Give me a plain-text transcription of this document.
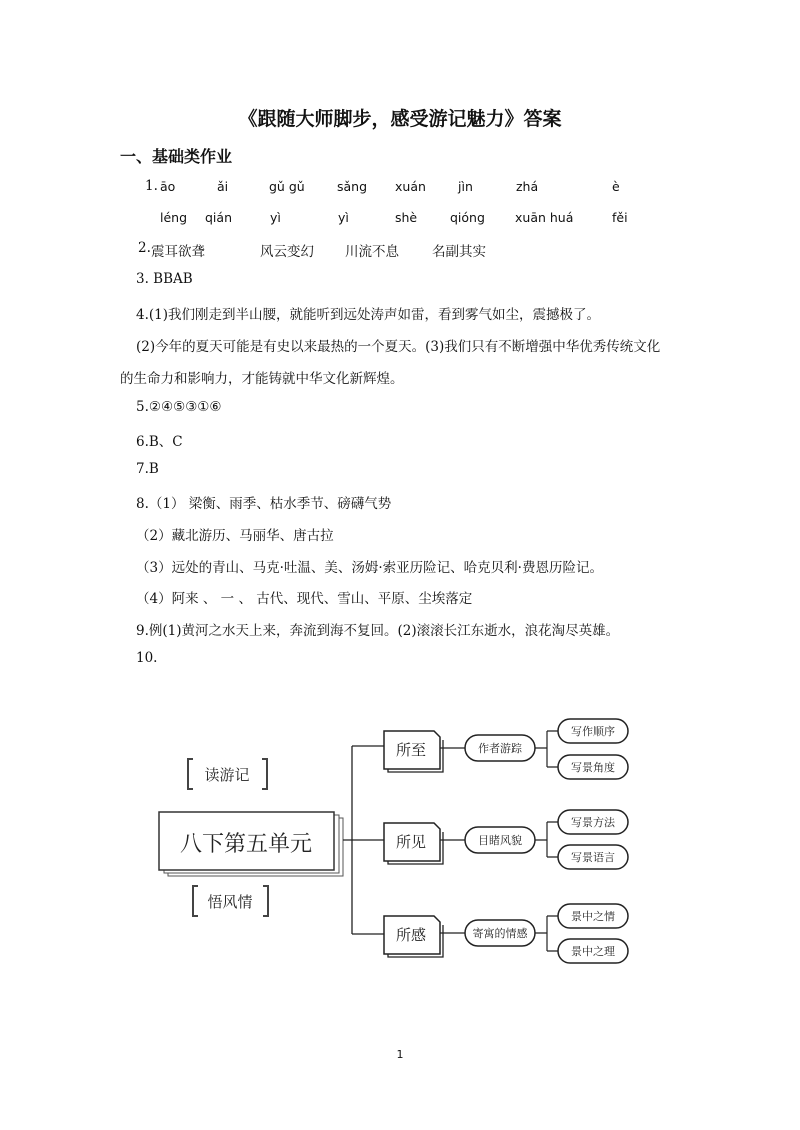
《跟随大师脚步，感受游记魅力》答案
一、基础类作业
1. āo	ǎi	gǔ gǔ	sǎng xuán	jìn	zhá	è
léng qián	yì	yì	shè	qióng xuān huá	fěi
2. 震耳欲聋	风云变幻 川流不息 名副其实
3. BBAB
4.(1)我们刚走到半山腰，就能听到远处涛声如雷，看到雾气如尘，震撼极了。
(2)今年的夏天可能是有史以来最热的一个夏天。(3)我们只有不断增强中华优秀传统文化
的生命力和影响力，才能铸就中华文化新辉煌。
5.②④⑤③①⑥
6.B、C
7.B
8.（1） 梁衡、雨季、枯水季节、磅礴气势
（2）藏北游历、马丽华、唐古拉
（3）远处的青山、马克·吐温、美、汤姆·索亚历险记、哈克贝利·费恩历险记。
（4）阿来 、 一 、 古代、现代、雪山、平原、尘埃落定
9.例(1)黄河之水天上来，奔流到海不复回。(2)滚滚长江东逝水，浪花淘尽英雄。
10.
读游记
八下第五单元
悟风情
所至	作者游踪
写作顺序
写景角度
所见	目睹风貌
写景方法
写景语言
所感	寄寓的情感
景中之情
景中之理
1
